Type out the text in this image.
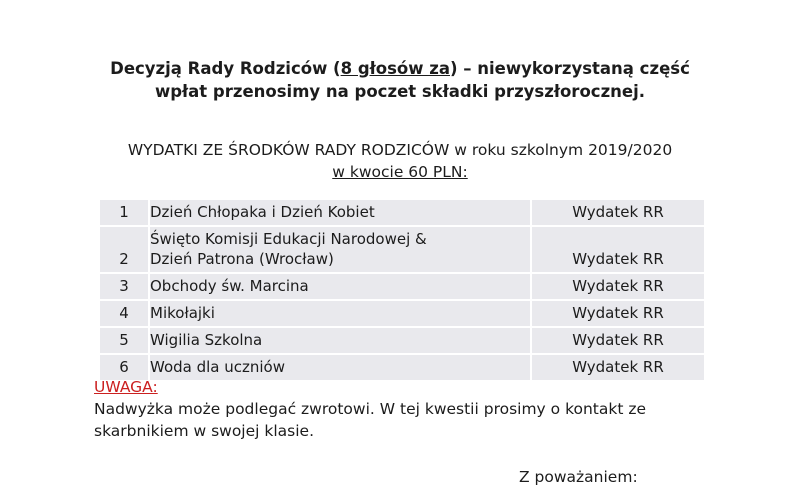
Decyzją Rady Rodziców (8 głosów za) – niewykorzystaną część
wpłat przenosimy na poczet składki przyszłorocznej.
WYDATKI ZE ŚRODKÓW RADY RODZICÓW w roku szkolnym 2019/2020
w kwocie 60 PLN:
1	Dzień Chłopaka i Dzień Kobiet	Wydatek RR
2	Święto Komisji Edukacji Narodowej &
Dzień Patrona (Wrocław)	Wydatek RR
3	Obchody św. Marcina	Wydatek RR
4	Mikołajki	Wydatek RR
5	Wigilia Szkolna	Wydatek RR
6	Woda dla uczniów	Wydatek RR
UWAGA:
Nadwyżka może podlegać zwrotowi. W tej kwestii prosimy o kontakt ze
skarbnikiem w swojej klasie.
Z poważaniem:
